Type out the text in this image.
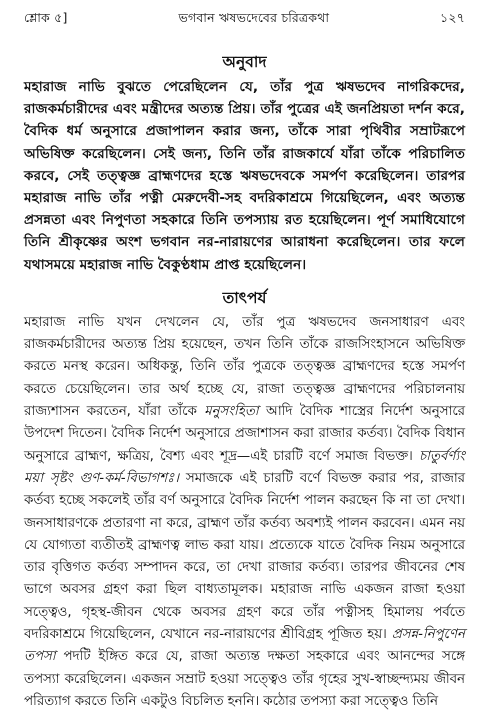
শ্লোক ৫]	ভগবান ঋষভদেবের চরিত্রকথা	১২৭
অনুবাদ

মহারাজ নাভি বুঝতে পেরেছিলেন যে, তাঁর পুত্র ঋষভদেব নাগরিকদের, রাজকর্মচারীদের এবং মন্ত্রীদের অত্যন্ত প্রিয়। তাঁর পুত্রের এই জনপ্রিয়তা দর্শন করে, বৈদিক ধর্ম অনুসারে প্রজাপালন করার জন্য, তাঁকে সারা পৃথিবীর সম্রাটরূপে অভিষিক্ত করেছিলেন। সেই জন্য, তিনি তাঁর রাজকার্যে যাঁরা তাঁকে পরিচালিত করবে, সেই তত্ত্বজ্ঞ ব্রাহ্মণদের হস্তে ঋষভদেবকে সমর্পণ করেছিলেন। তারপর মহারাজ নাভি তাঁর পত্নী মেরুদেবী-সহ বদরিকাশ্রমে গিয়েছিলেন, এবং অত্যন্ত প্রসন্নতা এবং নিপুণতা সহকারে তিনি তপস্যায় রত হয়েছিলেন। পূর্ণ সমাধিযোগে তিনি শ্রীকৃষ্ণের অংশ ভগবান নর-নারায়ণের আরাধনা করেছিলেন। তার ফলে যথাসময়ে মহারাজ নাভি বৈকুণ্ঠধাম প্রাপ্ত হয়েছিলেন।

তাৎপর্য

মহারাজ নাভি যখন দেখলেন যে, তাঁর পুত্র ঋষভদেব জনসাধারণ এবং রাজকর্মচারীদের অত্যন্ত প্রিয় হয়েছেন, তখন তিনি তাঁকে রাজসিংহাসনে অভিষিক্ত করতে মনস্থ করেন। অধিকন্তু, তিনি তাঁর পুত্রকে তত্ত্বজ্ঞ ব্রাহ্মণদের হস্তে সমর্পণ করতে চেয়েছিলেন। তার অর্থ হচ্ছে যে, রাজা তত্ত্বজ্ঞ ব্রাহ্মণদের পরিচালনায় রাজ্যশাসন করতেন, যাঁরা তাঁকে মনুসংহিতা আদি বৈদিক শাস্ত্রের নির্দেশ অনুসারে উপদেশ দিতেন। বৈদিক নির্দেশ অনুসারে প্রজাশাসন করা রাজার কর্তব্য। বৈদিক বিধান অনুসারে ব্রাহ্মণ, ক্ষত্রিয়, বৈশ্য এবং শূদ্র—এই চারটি বর্ণে সমাজ বিভক্ত। চাতুর্বর্ণ্যং ময়া সৃষ্টং গুণ-কর্ম-বিভাগশঃ। সমাজকে এই চারটি বর্ণে বিভক্ত করার পর, রাজার কর্তব্য হচ্ছে সকলেই তাঁর বর্ণ অনুসারে বৈদিক নির্দেশ পালন করছেন কি না তা দেখা। জনসাধারণকে প্রতারণা না করে, ব্রাহ্মণ তাঁর কর্তব্য অবশ্যই পালন করবেন। এমন নয় যে যোগ্যতা ব্যতীতই ব্রাহ্মণত্ব লাভ করা যায়। প্রত্যেকে যাতে বৈদিক নিয়ম অনুসারে তার বৃত্তিগত কর্তব্য সম্পাদন করে, তা দেখা রাজার কর্তব্য। তারপর জীবনের শেষ ভাগে অবসর গ্রহণ করা ছিল বাধ্যতামূলক। মহারাজ নাভি একজন রাজা হওয়া সত্ত্বেও, গৃহস্থ-জীবন থেকে অবসর গ্রহণ করে তাঁর পত্নীসহ হিমালয় পর্বতে বদরিকাশ্রমে গিয়েছিলেন, যেখানে নর-নারায়ণের শ্রীবিগ্রহ পূজিত হয়। প্রসন্ন-নিপুণেন তপসা পদটি ইঙ্গিত করে যে, রাজা অত্যন্ত দক্ষতা সহকারে এবং আনন্দের সঙ্গে তপস্যা করেছিলেন। একজন সম্রাট হওয়া সত্ত্বেও তাঁর গৃহের সুখ-স্বাচ্ছন্দ্যময় জীবন পরিত্যাগ করতে তিনি একটুও বিচলিত হননি। কঠোর তপস্যা করা সত্ত্বেও তিনি
